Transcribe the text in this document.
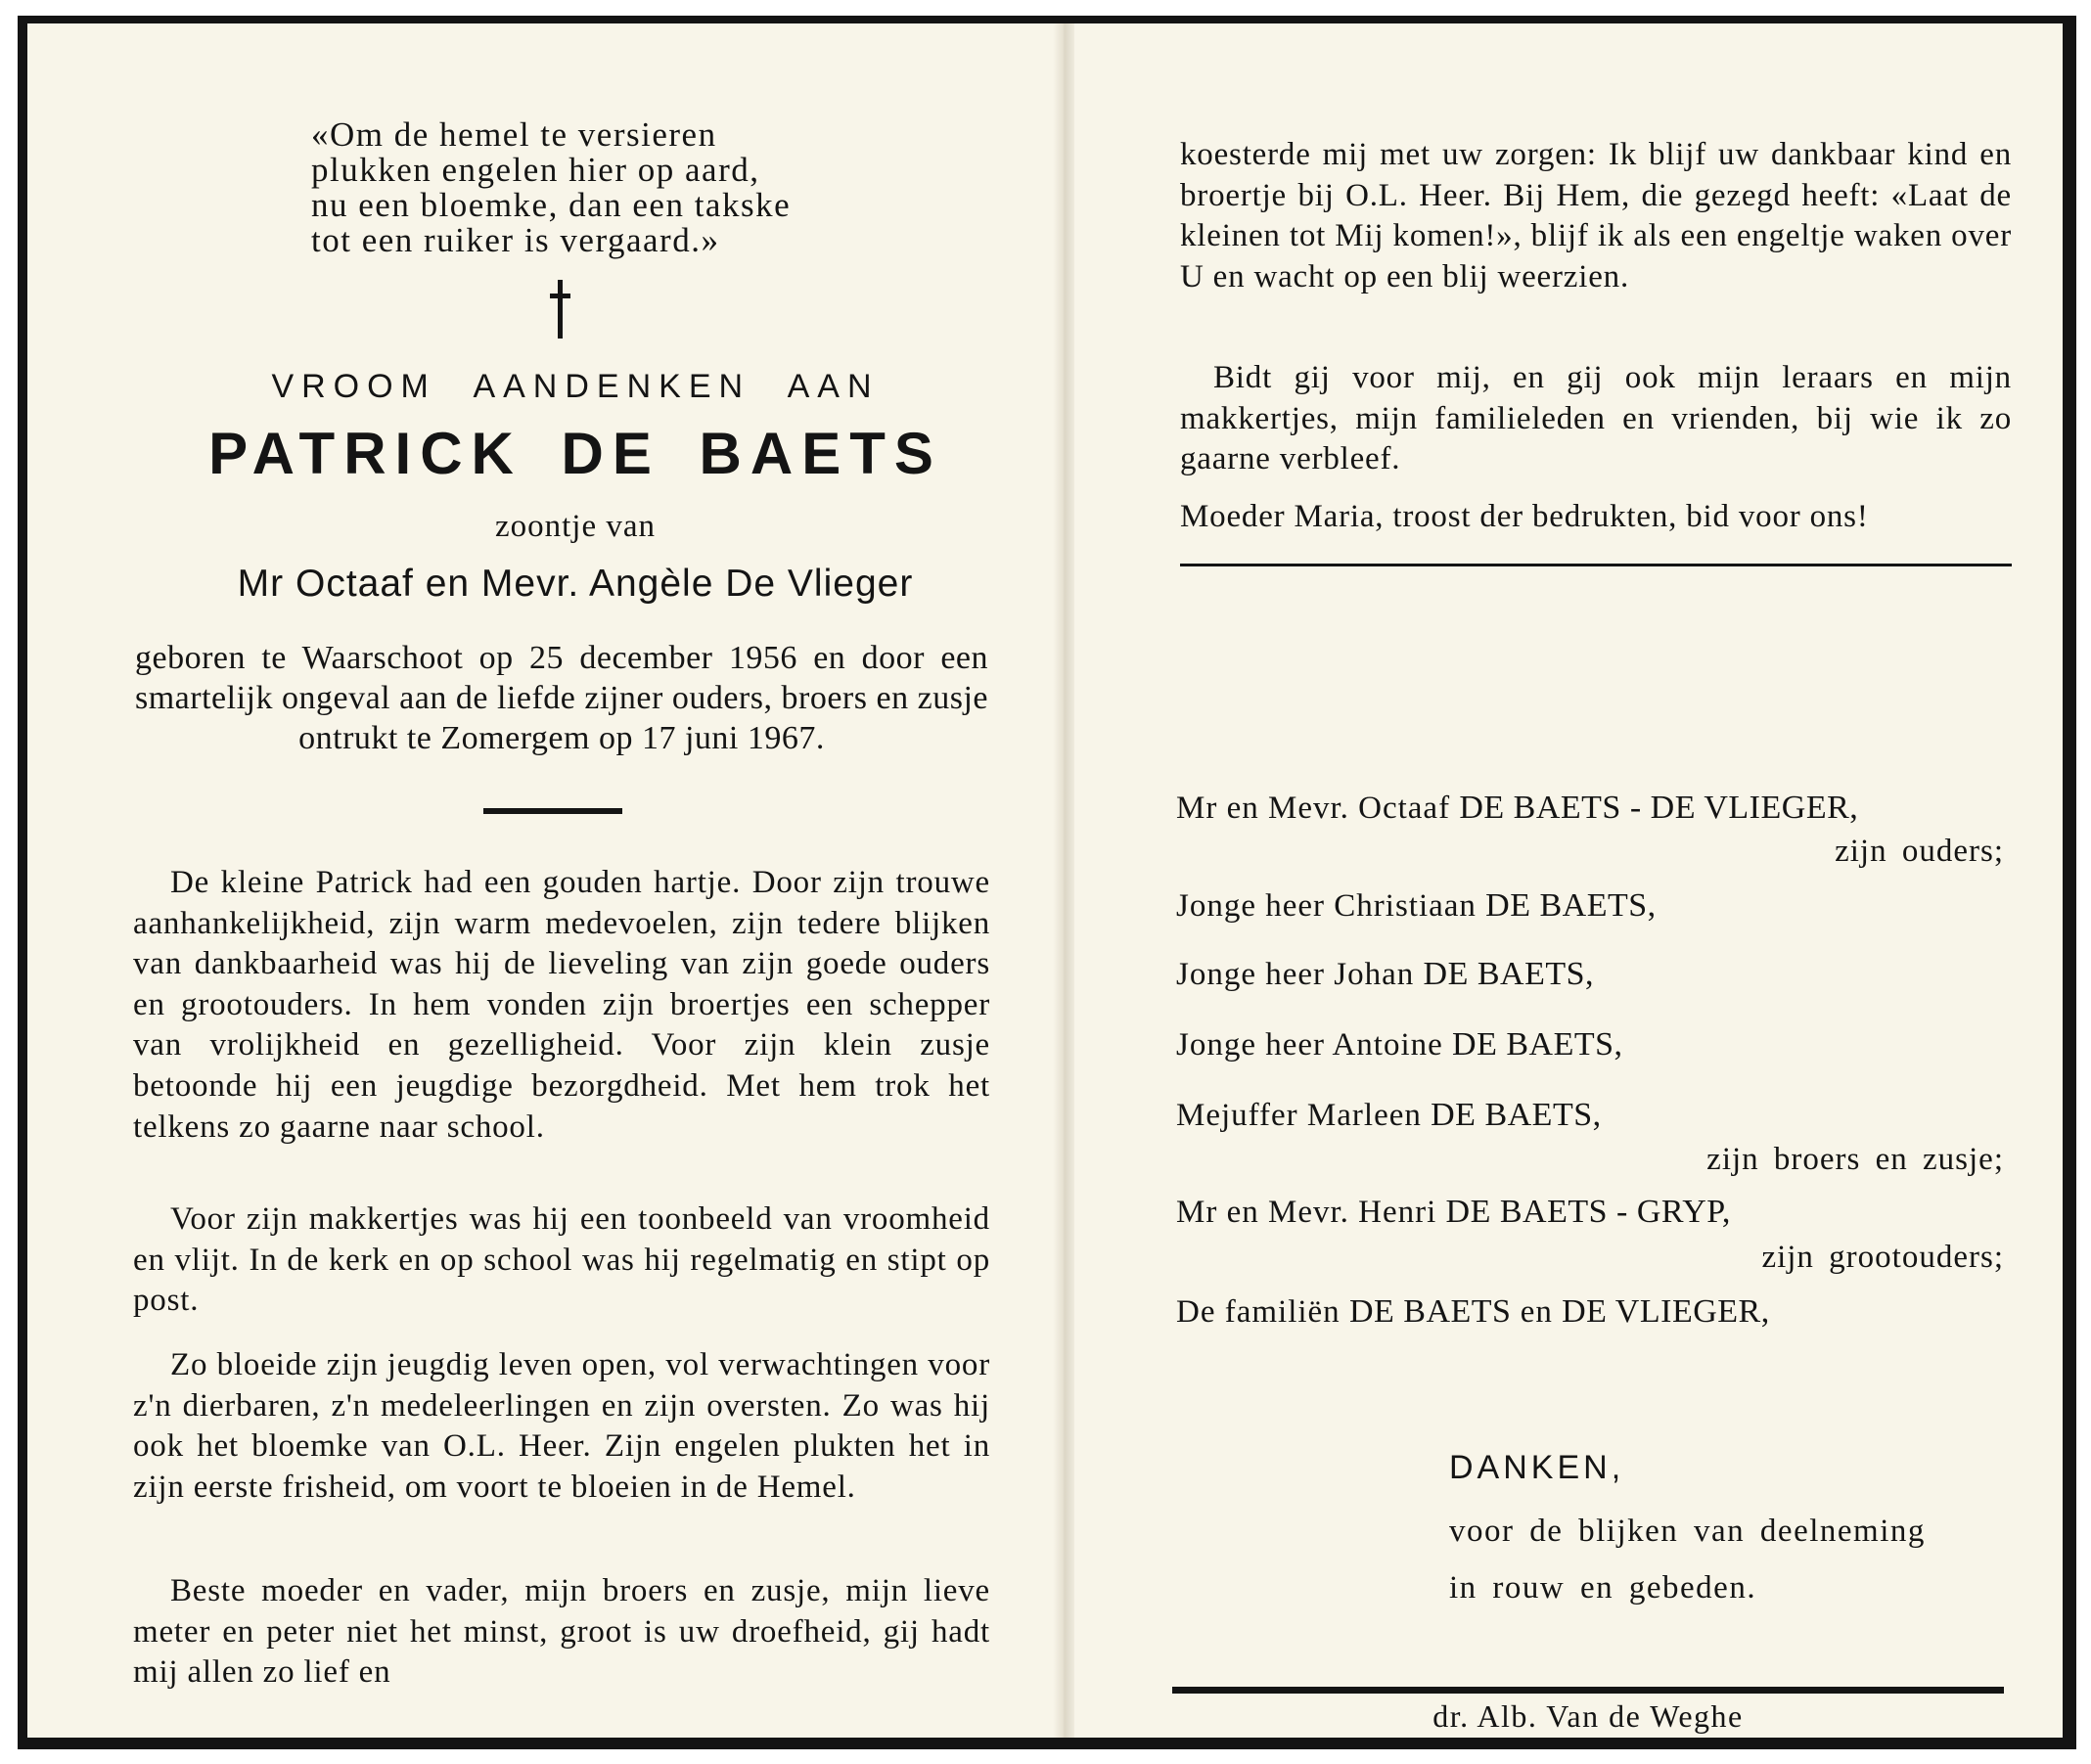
«Om de hemel te versieren
plukken engelen hier op aard,
nu een bloemke, dan een takske
tot een ruiker is vergaard.»
VROOM AANDENKEN AAN
PATRICK DE BAETS
zoontje van
Mr Octaaf en Mevr. Angèle De Vlieger
geboren te Waarschoot op 25 december 1956 en door een smartelijk ongeval aan de liefde zijner ouders, broers en zusje ontrukt te Zomergem op 17 juni 1967.

De kleine Patrick had een gouden hartje. Door zijn trouwe aanhankelijkheid, zijn warm medevoelen, zijn tedere blijken van dankbaarheid was hij de lieveling van zijn goede ouders en grootouders. In hem vonden zijn broertjes een schepper van vrolijkheid en gezelligheid. Voor zijn klein zusje betoonde hij een jeugdige bezorgdheid. Met hem trok het telkens zo gaarne naar school.

Voor zijn makkertjes was hij een toonbeeld van vroomheid en vlijt. In de kerk en op school was hij regelmatig en stipt op post.

Zo bloeide zijn jeugdig leven open, vol verwachtingen voor z'n dierbaren, z'n medeleerlingen en zijn oversten. Zo was hij ook het bloemke van O.L. Heer. Zijn engelen plukten het in zijn eerste frisheid, om voort te bloeien in de Hemel.

Beste moeder en vader, mijn broers en zusje, mijn lieve meter en peter niet het minst, groot is uw droefheid, gij hadt mij allen zo lief en

koesterde mij met uw zorgen: Ik blijf uw dankbaar kind en broertje bij O.L. Heer. Bij Hem, die gezegd heeft: «Laat de kleinen tot Mij komen!», blijf ik als een engeltje waken over U en wacht op een blij weerzien.

Bidt gij voor mij, en gij ook mijn leraars en mijn makkertjes, mijn familieleden en vrienden, bij wie ik zo gaarne verbleef.

Moeder Maria, troost der bedrukten, bid voor ons!

Mr en Mevr. Octaaf DE BAETS - DE VLIEGER,
zijn ouders;
Jonge heer Christiaan DE BAETS,
Jonge heer Johan DE BAETS,
Jonge heer Antoine DE BAETS,
Mejuffer Marleen DE BAETS,
zijn broers en zusje;
Mr en Mevr. Henri DE BAETS - GRYP,
zijn grootouders;
De familiën DE BAETS en DE VLIEGER,
DANKEN,
voor de blijken van deelneming
in rouw en gebeden.
dr. Alb. Van de Weghe
